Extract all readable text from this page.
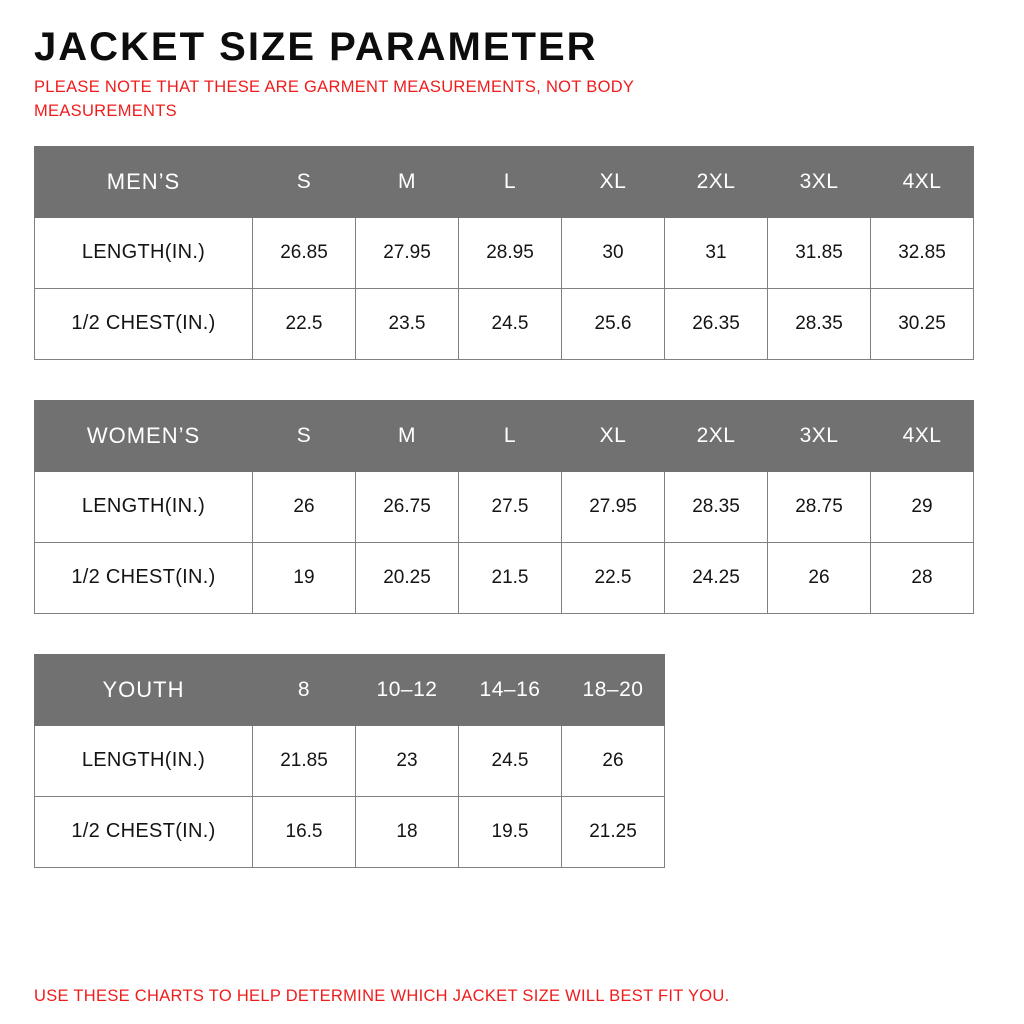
JACKET SIZE PARAMETER
PLEASE NOTE THAT THESE ARE GARMENT MEASUREMENTS, NOT BODY MEASUREMENTS
MEN’S	S	M	L	XL	2XL	3XL	4XL
LENGTH(IN.)	26.85	27.95	28.95	30	31	31.85	32.85
1/2 CHEST(IN.)	22.5	23.5	24.5	25.6	26.35	28.35	30.25
WOMEN’S	S	M	L	XL	2XL	3XL	4XL
LENGTH(IN.)	26	26.75	27.5	27.95	28.35	28.75	29
1/2 CHEST(IN.)	19	20.25	21.5	22.5	24.25	26	28
YOUTH	8	10–12	14–16	18–20
LENGTH(IN.)	21.85	23	24.5	26
1/2 CHEST(IN.)	16.5	18	19.5	21.25
USE THESE CHARTS TO HELP DETERMINE WHICH JACKET SIZE WILL BEST FIT YOU.
